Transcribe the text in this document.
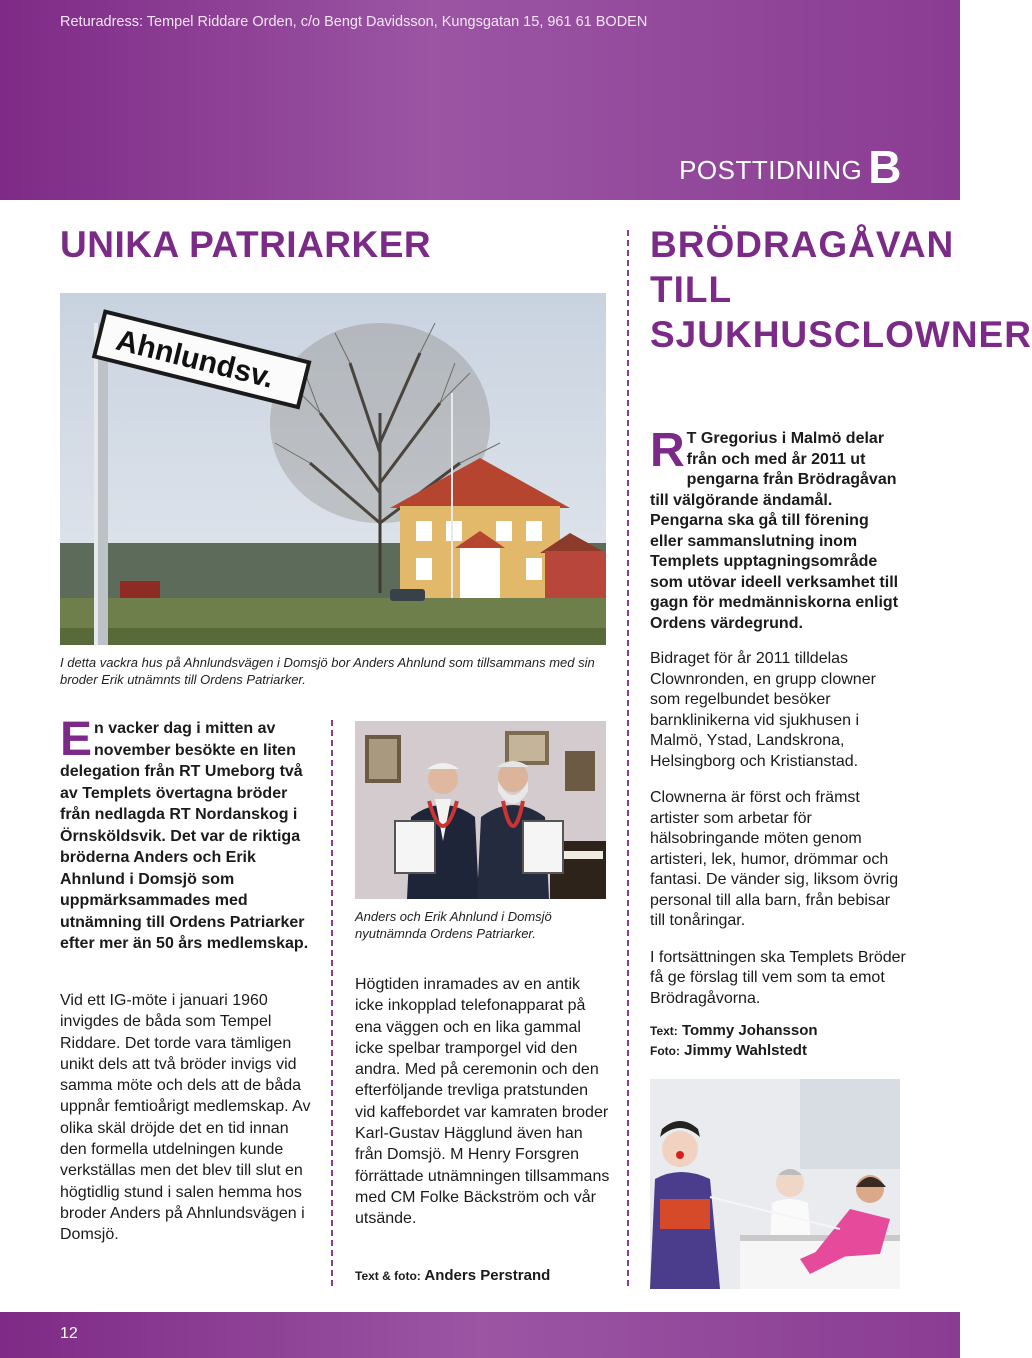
Returadress: Tempel Riddare Orden, c/o Bengt Davidsson, Kungsgatan 15, 961 61 BODEN
POSTTIDNING B
UNIKA PATRIARKER
Ahnlundsv.
I detta vackra hus på Ahnlundsvägen i Domsjö bor Anders Ahnlund som tillsammans med sin broder Erik utnämnts till Ordens Patriarker.
En vacker dag i mitten av november besökte en liten delegation från RT Umeborg två av Templets övertagna bröder från nedlagda RT Nordanskog i Örnsköldsvik. Det var de riktiga bröderna Anders och Erik Ahnlund i Domsjö som uppmärksammades med utnämning till Ordens Patriarker efter mer än 50 års medlemskap.
Vid ett IG-möte i januari 1960 invigdes de båda som Tempel Riddare. Det torde vara tämligen unikt dels att två bröder invigs vid samma möte och dels att de båda uppnår femtioårigt medlemskap. Av olika skäl dröjde det en tid innan den formella utdelningen kunde verkställas men det blev till slut en högtidlig stund i salen hemma hos broder Anders på Ahnlundsvägen i Domsjö.
Anders och Erik Ahnlund i Domsjö nyutnämnda Ordens Patriarker.
Högtiden inramades av en antik icke inkopplad telefonapparat på ena väggen och en lika gammal icke spelbar tramporgel vid den andra. Med på ceremonin och den efterföljande trevliga pratstunden vid kaffebordet var kamraten broder Karl-Gustav Hägglund även han från Domsjö. M Henry Forsgren förrättade utnämningen tillsammans med CM Folke Bäckström och vår utsände.
Text & foto: Anders Perstrand
BRÖDRAGÅVAN TILL SJUKHUSCLOWNER
R T Gregorius i Malmö delar från och med år 2011 ut pengarna från Brödragåvan till välgörande ändamål. Pengarna ska gå till förening eller sammanslutning inom Templets upptagningsområde som utövar ideell verksamhet till gagn för medmänniskorna enligt Ordens värdegrund.

Bidraget för år 2011 tilldelas Clownronden, en grupp clowner som regelbundet besöker barnklinikerna vid sjukhusen i Malmö, Ystad, Landskrona, Helsingborg och Kristianstad.

Clownerna är först och främst artister som arbetar för hälsobringande möten genom artisteri, lek, humor, drömmar och fantasi. De vänder sig, liksom övrig personal till alla barn, från bebisar till tonåringar.

I fortsättningen ska Templets Bröder få ge förslag till vem som ta emot Brödragåvorna.

Text: Tommy Johansson
Foto: Jimmy Wahlstedt
12
